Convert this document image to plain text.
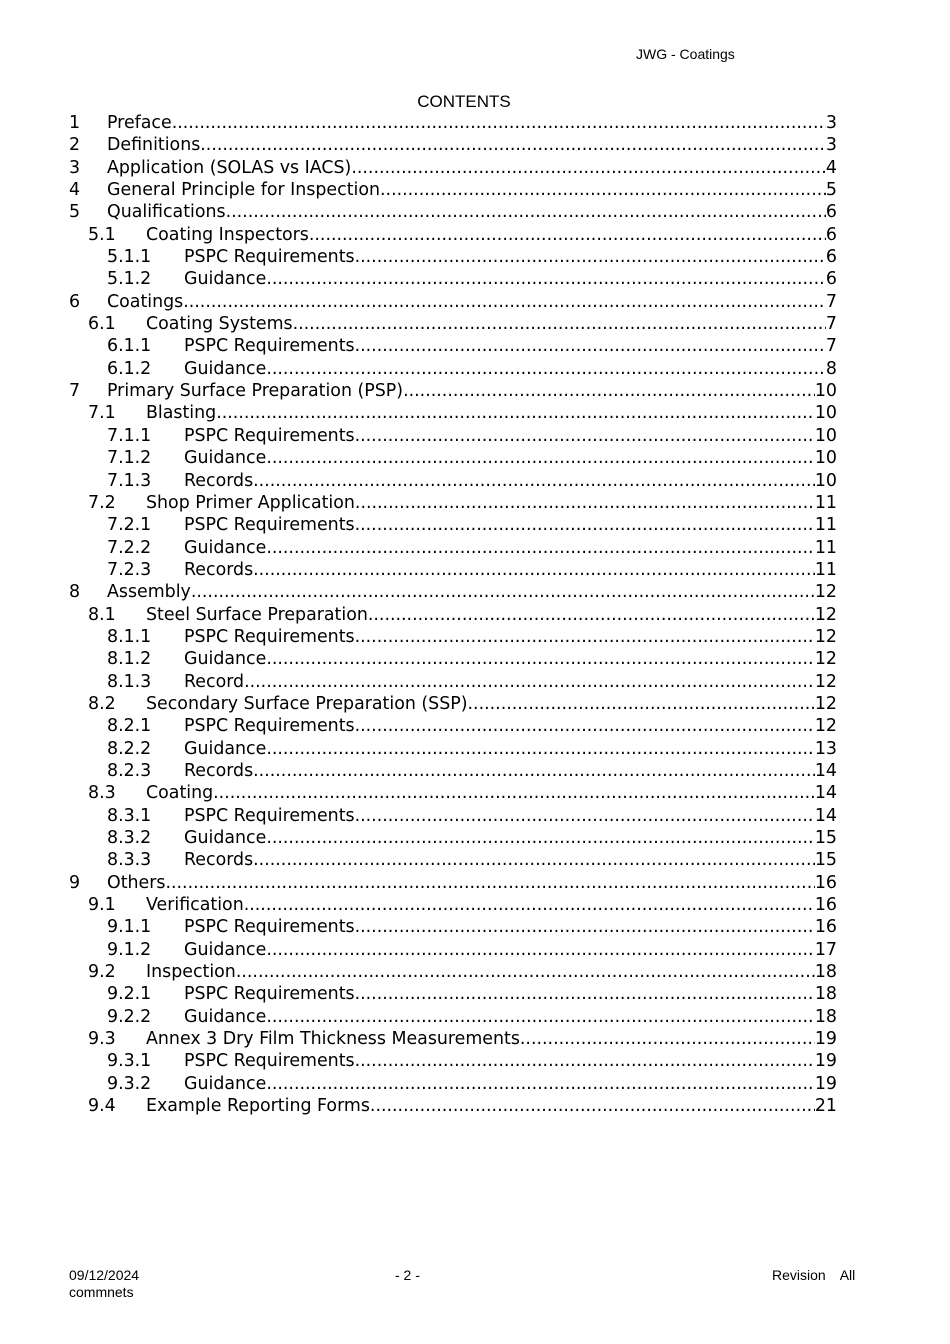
JWG - Coatings
CONTENTS
1	Preface .....	3
2	Definitions .....	3
3	Application (SOLAS vs IACS) .....	4
4	General Principle for Inspection .....	5
5	Qualifications .....	6
5.1	Coating Inspectors .....	6
5.1.1	PSPC Requirements .....	6
5.1.2	Guidance .....	6
6	Coatings .....	7
6.1	Coating Systems .....	7
6.1.1	PSPC Requirements .....	7
6.1.2	Guidance .....	8
7	Primary Surface Preparation (PSP) .....	10
7.1	Blasting .....	10
7.1.1	PSPC Requirements .....	10
7.1.2	Guidance .....	10
7.1.3	Records .....	10
7.2	Shop Primer Application .....	11
7.2.1	PSPC Requirements .....	11
7.2.2	Guidance .....	11
7.2.3	Records .....	11
8	Assembly .....	12
8.1	Steel Surface Preparation .....	12
8.1.1	PSPC Requirements .....	12
8.1.2	Guidance .....	12
8.1.3	Record .....	12
8.2	Secondary Surface Preparation (SSP) .....	12
8.2.1	PSPC Requirements .....	12
8.2.2	Guidance .....	13
8.2.3	Records .....	14
8.3	Coating .....	14
8.3.1	PSPC Requirements .....	14
8.3.2	Guidance .....	15
8.3.3	Records .....	15
9	Others .....	16
9.1	Verification .....	16
9.1.1	PSPC Requirements .....	16
9.1.2	Guidance .....	17
9.2	Inspection .....	18
9.2.1	PSPC Requirements .....	18
9.2.2	Guidance .....	18
9.3	Annex 3 Dry Film Thickness Measurements .....	19
9.3.1	PSPC Requirements .....	19
9.3.2	Guidance .....	19
9.4	Example Reporting Forms .....	21
09/12/2024
commnets
- 2 -	Revision All
